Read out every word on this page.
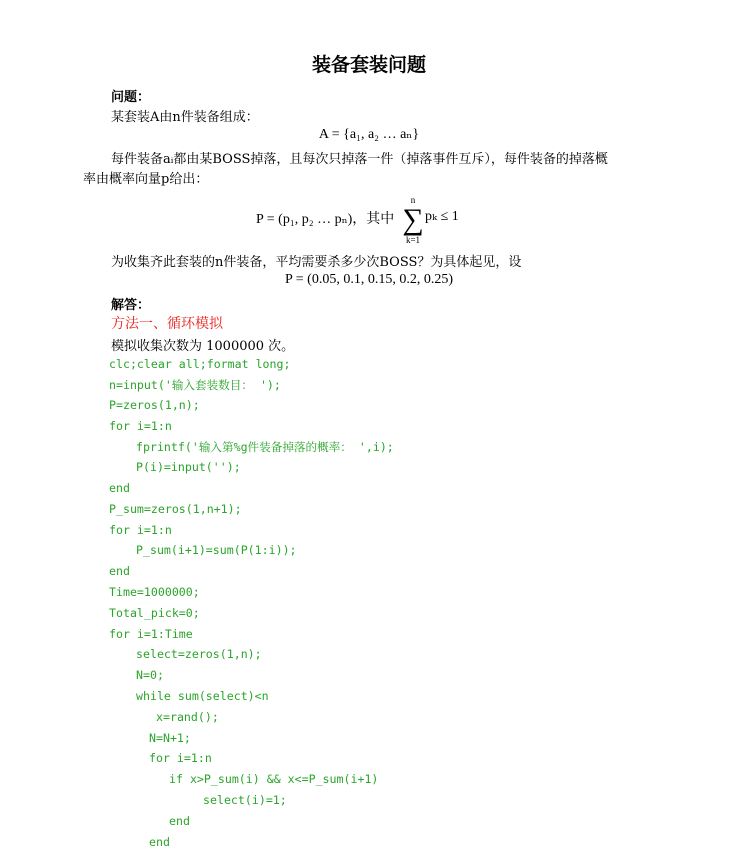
装备套装问题
问题：
某套装A由n件装备组成：
A = {a₁, a₂ … aₙ}
每件装备aᵢ都由某BOSS掉落，且每次只掉落一件（掉落事件互斥），每件装备的掉落概
率由概率向量p给出：
P = (p₁, p₂ … pₙ)，其中
n
∑
k=1
pₖ ≤ 1
为收集齐此套装的n件装备，平均需要杀多少次BOSS？为具体起见，设
P = (0.05, 0.1, 0.15, 0.2, 0.25)
解答：
方法一、循环模拟
模拟收集次数为 1000000 次。
clc;clear all;format long;
n=input('输入套装数目： ');
P=zeros(1,n);
for i=1:n
fprintf('输入第%g件装备掉落的概率： ',i);
P(i)=input('');
end
P_sum=zeros(1,n+1);
for i=1:n
P_sum(i+1)=sum(P(1:i));
end
Time=1000000;
Total_pick=0;
for i=1:Time
select=zeros(1,n);
N=0;
while sum(select)<n
x=rand();
N=N+1;
for i=1:n
if x>P_sum(i) && x<=P_sum(i+1)
select(i)=1;
end
end
